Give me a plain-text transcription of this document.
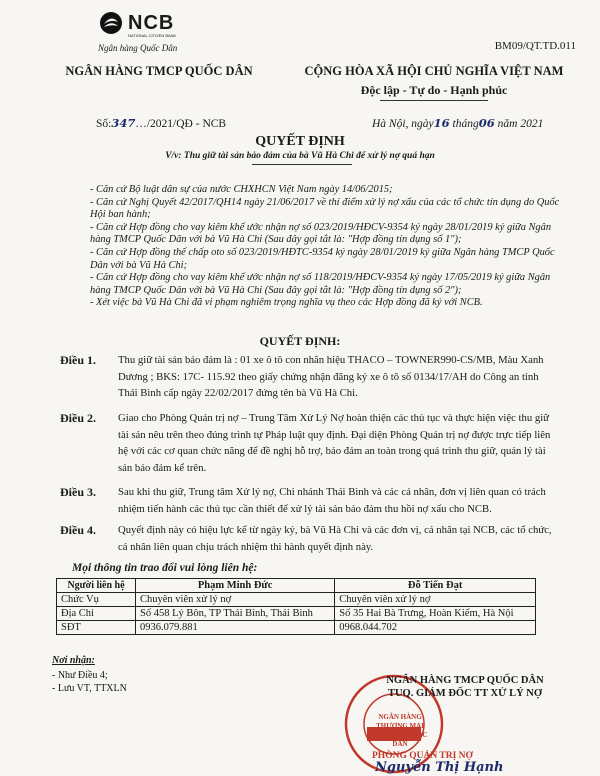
NCB
NATIONAL CITIZEN BANK
Ngân hàng Quốc Dân	BM09/QT.TD.011
NGÂN HÀNG TMCP QUỐC DÂN	CỘNG HÒA XÃ HỘI CHỦ NGHĨA VIỆT NAM
Độc lập - Tự do - Hạnh phúc
Số:347…/2021/QĐ - NCB	Hà Nội, ngày16 tháng06 năm 2021
QUYẾT ĐỊNH
V/v: Thu giữ tài sản bảo đảm của bà Vũ Hà Chi để xử lý nợ quá hạn

- Căn cứ Bộ luật dân sự của nước CHXHCN Việt Nam ngày 14/06/2015;

- Căn cứ Nghị Quyết 42/2017/QH14 ngày 21/06/2017 về thí điểm xử lý nợ xấu của các tổ chức tín dụng do Quốc Hội ban hành;

- Căn cứ Hợp đồng cho vay kiêm khế ước nhận nợ số 023/2019/HĐCV-9354 ký ngày 28/01/2019 ký giữa Ngân hàng TMCP Quốc Dân với bà Vũ Hà Chi (Sau đây gọi tắt là: "Hợp đồng tín dụng số 1");

- Căn cứ Hợp đồng thế chấp oto số 023/2019/HĐTC-9354 ký ngày 28/01/2019 ký giữa Ngân hàng TMCP Quốc Dân với bà Vũ Hà Chi;

- Căn cứ Hợp đồng cho vay kiêm khế ước nhận nợ số 118/2019/HĐCV-9354 ký ngày 17/05/2019 ký giữa Ngân hàng TMCP Quốc Dân với bà Vũ Hà Chi (Sau đây gọi tắt là: "Hợp đồng tín dụng số 2");

- Xét việc bà Vũ Hà Chi đã vi phạm nghiêm trọng nghĩa vụ theo các Hợp đồng đã ký với NCB.

QUYẾT ĐỊNH:
Điều 1. Thu giữ tài sản bảo đảm là : 01 xe ô tô con nhãn hiệu THACO – TOWNER990-CS/MB, Màu Xanh Dương ; BKS: 17C- 115.92 theo giấy chứng nhận đăng ký xe ô tô số 0134/17/AH do Công an tỉnh Thái Bình cấp ngày 22/02/2017 đứng tên bà Vũ Hà Chi.
Điều 2. Giao cho Phòng Quản trị nợ – Trung Tâm Xử Lý Nợ hoàn thiện các thủ tục và thực hiện việc thu giữ tài sản nêu trên theo đúng trình tự Pháp luật quy định. Đại diện Phòng Quản trị nợ được trực tiếp liên hệ với các cơ quan chức năng để đề nghị hỗ trợ, bảo đảm an toàn trong quá trình thu giữ, quản lý tài sản bảo đảm kể trên.
Điều 3. Sau khi thu giữ, Trung tâm Xử lý nợ, Chi nhánh Thái Bình và các cá nhân, đơn vị liên quan có trách nhiệm tiến hành các thủ tục cần thiết để xử lý tài sản bảo đảm thu hồi nợ xấu cho NCB.
Điều 4. Quyết định này có hiệu lực kể từ ngày ký, bà Vũ Hà Chi và các đơn vị, cá nhân tại NCB, các tổ chức, cá nhân liên quan chịu trách nhiệm thi hành quyết định này.
Mọi thông tin trao đổi vui lòng liên hệ:
Người liên hệ	Phạm Minh Đức	Đỗ Tiến Đạt
Chức Vụ	Chuyên viên xử lý nợ	Chuyên viên xử lý nợ
Địa Chỉ	Số 458 Lý Bôn, TP Thái Bình, Thái Bình	Số 35 Hai Bà Trưng, Hoàn Kiếm, Hà Nội
SĐT	0936.079.881	0968.044.702
Nơi nhận:
- Như Điều 4;
- Lưu VT, TTXLN
NGÂN HÀNG THƯƠNG MẠI CỔ PHẦN QUỐC DÂN
NGÂN HÀNG TMCP QUỐC DÂN
TUQ. GIÁM ĐỐC TT XỬ LÝ NỢ
PHÒNG QUẢN TRỊ NỢ
Nguyễn Thị Hạnh
